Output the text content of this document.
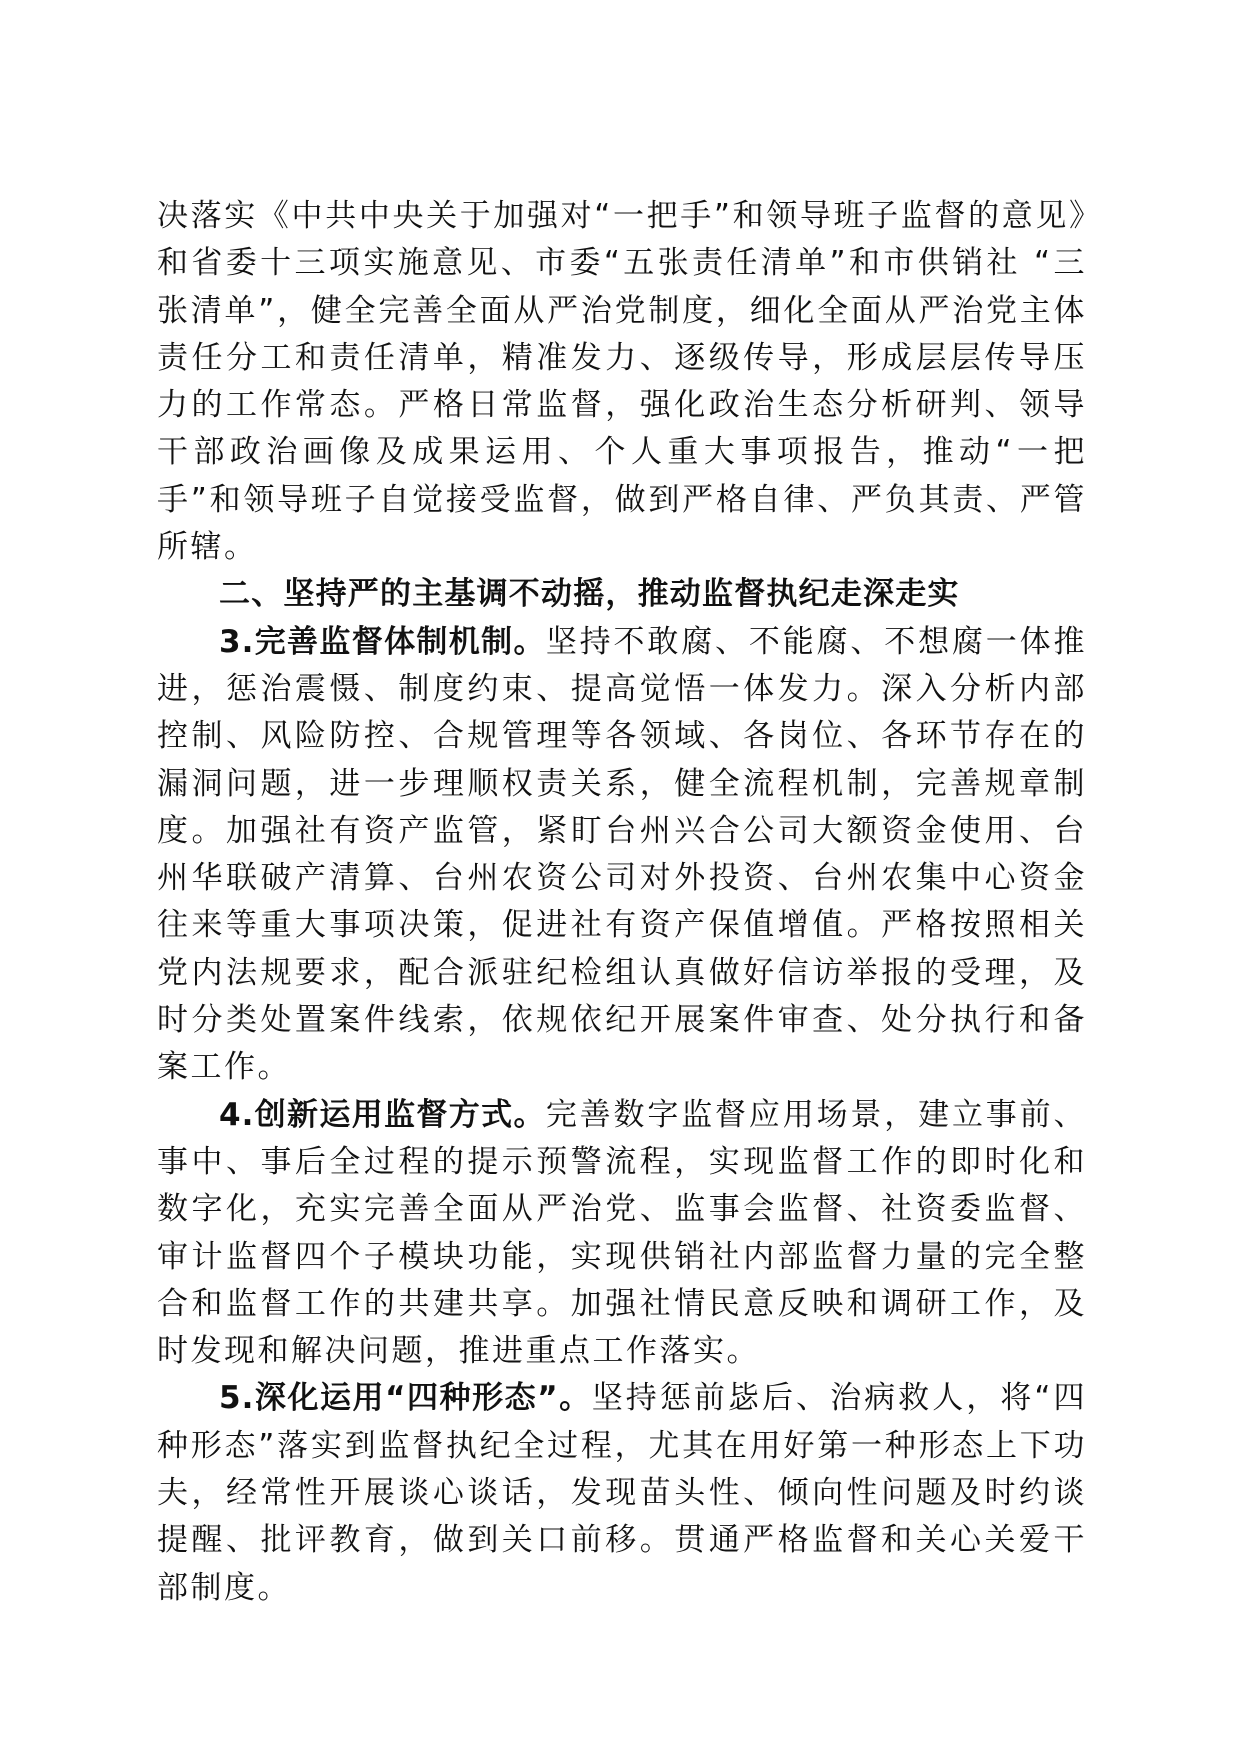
决落实《中共中央关于加强对“一把手”和领导班子监督的意见》和省委十三项实施意见、市委“五张责任清单”和市供销社 “三张清单”，健全完善全面从严治党制度，细化全面从严治党主体责任分工和责任清单，精准发力、逐级传导，形成层层传导压力的工作常态。严格日常监督，强化政治生态分析研判、领导干部政治画像及成果运用、个人重大事项报告，推动“一把手”和领导班子自觉接受监督，做到严格自律、严负其责、严管所辖。

二、坚持严的主基调不动摇，推动监督执纪走深走实

3.完善监督体制机制。坚持不敢腐、不能腐、不想腐一体推进，惩治震慑、制度约束、提高觉悟一体发力。深入分析内部控制、风险防控、合规管理等各领域、各岗位、各环节存在的漏洞问题，进一步理顺权责关系，健全流程机制，完善规章制度。加强社有资产监管，紧盯台州兴合公司大额资金使用、台州华联破产清算、台州农资公司对外投资、台州农集中心资金往来等重大事项决策，促进社有资产保值增值。严格按照相关党内法规要求，配合派驻纪检组认真做好信访举报的受理，及时分类处置案件线索，依规依纪开展案件审查、处分执行和备案工作。

4.创新运用监督方式。完善数字监督应用场景，建立事前、事中、事后全过程的提示预警流程，实现监督工作的即时化和数字化，充实完善全面从严治党、监事会监督、社资委监督、审计监督四个子模块功能，实现供销社内部监督力量的完全整合和监督工作的共建共享。加强社情民意反映和调研工作，及时发现和解决问题，推进重点工作落实。

5.深化运用“四种形态”。坚持惩前毖后、治病救人，将“四种形态”落实到监督执纪全过程，尤其在用好第一种形态上下功夫，经常性开展谈心谈话，发现苗头性、倾向性问题及时约谈提醒、批评教育，做到关口前移。贯通严格监督和关心关爱干部制度。
